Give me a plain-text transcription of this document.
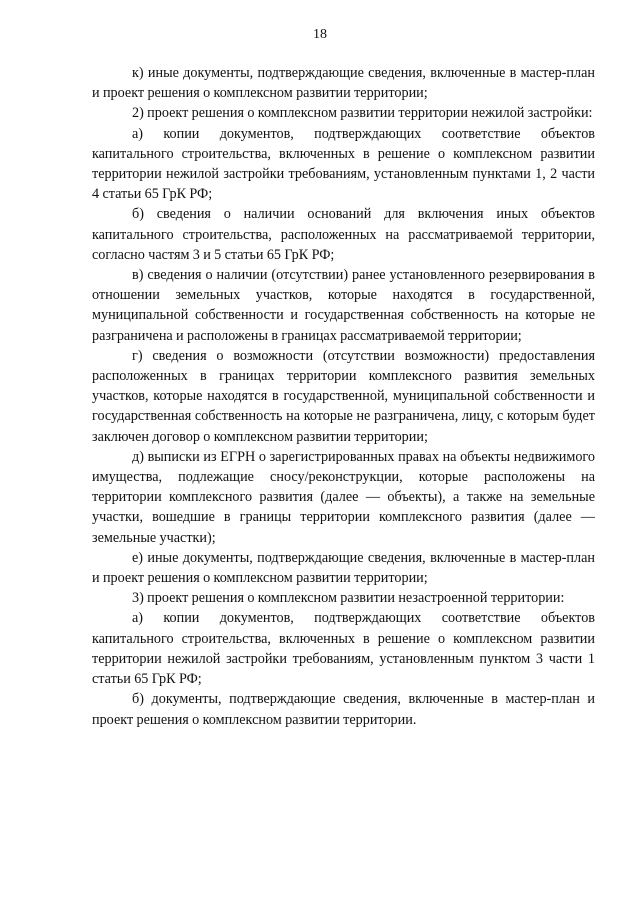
18

к) иные документы, подтверждающие сведения, включенные в мастер-план и проект решения о комплексном развитии территории;

2) проект решения о комплексном развитии территории нежилой застройки:

а) копии документов, подтверждающих соответствие объектов капитального строительства, включенных в решение о комплексном развитии территории нежилой застройки требованиям, установленным пунктами 1, 2 части 4 статьи 65 ГрК РФ;

б) сведения о наличии оснований для включения иных объектов капитального строительства, расположенных на рассматриваемой территории, согласно частям 3 и 5 статьи 65 ГрК РФ;

в) сведения о наличии (отсутствии) ранее установленного резервирования в отношении земельных участков, которые находятся в государственной, муниципальной собственности и государственная собственность на которые не разграничена и расположены в границах рассматриваемой территории;

г) сведения о возможности (отсутствии возможности) предоставления расположенных в границах территории комплексного развития земельных участков, которые находятся в государственной, муниципальной собственности и государственная собственность на которые не разграничена, лицу, с которым будет заключен договор о комплексном развитии территории;

д) выписки из ЕГРН о зарегистрированных правах на объекты недвижимого имущества, подлежащие сносу/реконструкции, которые расположены на территории комплексного развития (далее — объекты), а также на земельные участки, вошедшие в границы территории комплексного развития (далее — земельные участки);

е) иные документы, подтверждающие сведения, включенные в мастер-план и проект решения о комплексном развитии территории;

3) проект решения о комплексном развитии незастроенной территории:

а) копии документов, подтверждающих соответствие объектов капитального строительства, включенных в решение о комплексном развитии территории нежилой застройки требованиям, установленным пунктом 3 части 1 статьи 65 ГрК РФ;

б) документы, подтверждающие сведения, включенные в мастер-план и проект решения о комплексном развитии территории.
